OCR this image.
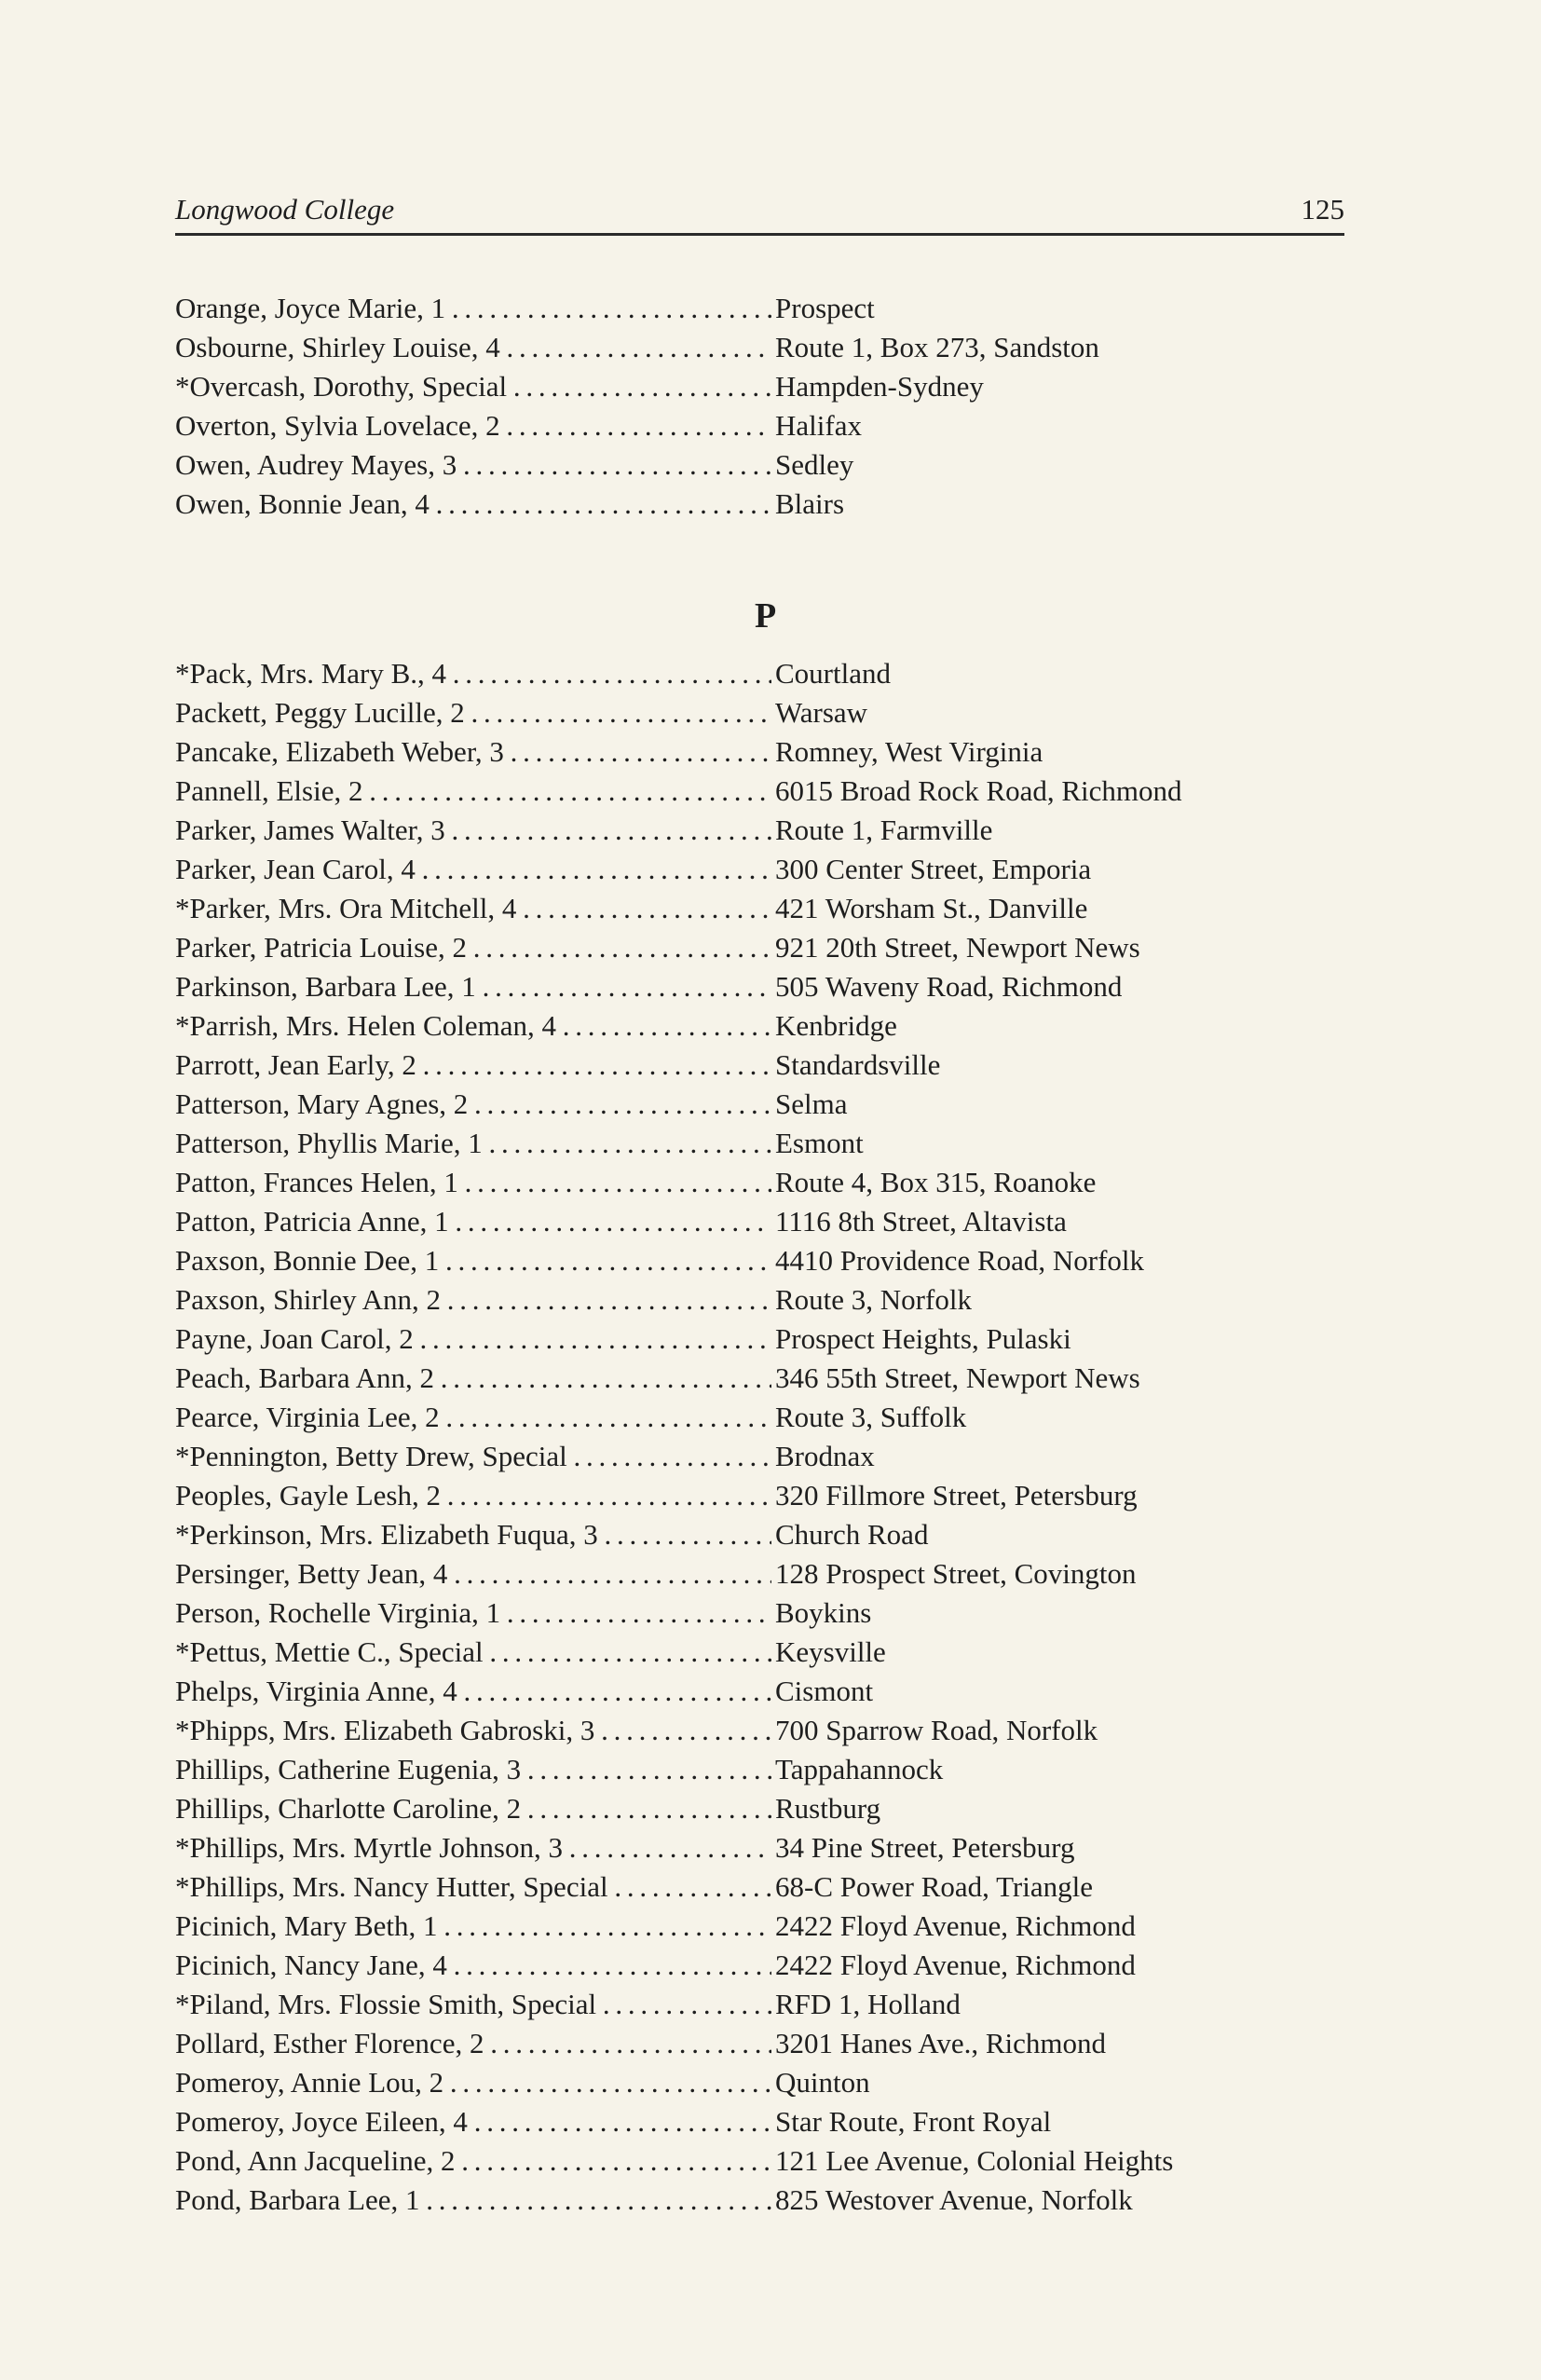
Longwood College	125
Orange, Joyce Marie, 1 . . .	Prospect
Osbourne, Shirley Louise, 4 . . .	Route 1, Box 273, Sandston
*Overcash, Dorothy, Special . . .	Hampden-Sydney
Overton, Sylvia Lovelace, 2 . . .	Halifax
Owen, Audrey Mayes, 3 . . .	Sedley
Owen, Bonnie Jean, 4 . . .	Blairs
P
*Pack, Mrs. Mary B., 4 . . .	Courtland
Packett, Peggy Lucille, 2 . . .	Warsaw
Pancake, Elizabeth Weber, 3 . . .	Romney, West Virginia
Pannell, Elsie, 2 . . .	6015 Broad Rock Road, Richmond
Parker, James Walter, 3 . . .	Route 1, Farmville
Parker, Jean Carol, 4 . . .	300 Center Street, Emporia
*Parker, Mrs. Ora Mitchell, 4 . . .	421 Worsham St., Danville
Parker, Patricia Louise, 2 . . .	921 20th Street, Newport News
Parkinson, Barbara Lee, 1 . . .	505 Waveny Road, Richmond
*Parrish, Mrs. Helen Coleman, 4 . . .	Kenbridge
Parrott, Jean Early, 2 . . .	Standardsville
Patterson, Mary Agnes, 2 . . .	Selma
Patterson, Phyllis Marie, 1 . . .	Esmont
Patton, Frances Helen, 1 . . .	Route 4, Box 315, Roanoke
Patton, Patricia Anne, 1 . . .	1116 8th Street, Altavista
Paxson, Bonnie Dee, 1 . . .	4410 Providence Road, Norfolk
Paxson, Shirley Ann, 2 . . .	Route 3, Norfolk
Payne, Joan Carol, 2 . . .	Prospect Heights, Pulaski
Peach, Barbara Ann, 2 . . .	346 55th Street, Newport News
Pearce, Virginia Lee, 2 . . .	Route 3, Suffolk
*Pennington, Betty Drew, Special . . .	Brodnax
Peoples, Gayle Lesh, 2 . . .	320 Fillmore Street, Petersburg
*Perkinson, Mrs. Elizabeth Fuqua, 3 . . .	Church Road
Persinger, Betty Jean, 4 . . .	128 Prospect Street, Covington
Person, Rochelle Virginia, 1 . . .	Boykins
*Pettus, Mettie C., Special . . .	Keysville
Phelps, Virginia Anne, 4 . . .	Cismont
*Phipps, Mrs. Elizabeth Gabroski, 3 . . .	700 Sparrow Road, Norfolk
Phillips, Catherine Eugenia, 3 . . .	Tappahannock
Phillips, Charlotte Caroline, 2 . . .	Rustburg
*Phillips, Mrs. Myrtle Johnson, 3 . . .	34 Pine Street, Petersburg
*Phillips, Mrs. Nancy Hutter, Special . . .	68-C Power Road, Triangle
Picinich, Mary Beth, 1 . . .	2422 Floyd Avenue, Richmond
Picinich, Nancy Jane, 4 . . .	2422 Floyd Avenue, Richmond
*Piland, Mrs. Flossie Smith, Special . . .	RFD 1, Holland
Pollard, Esther Florence, 2 . . .	3201 Hanes Ave., Richmond
Pomeroy, Annie Lou, 2 . . .	Quinton
Pomeroy, Joyce Eileen, 4 . . .	Star Route, Front Royal
Pond, Ann Jacqueline, 2 . . .	121 Lee Avenue, Colonial Heights
Pond, Barbara Lee, 1 . . .	825 Westover Avenue, Norfolk
